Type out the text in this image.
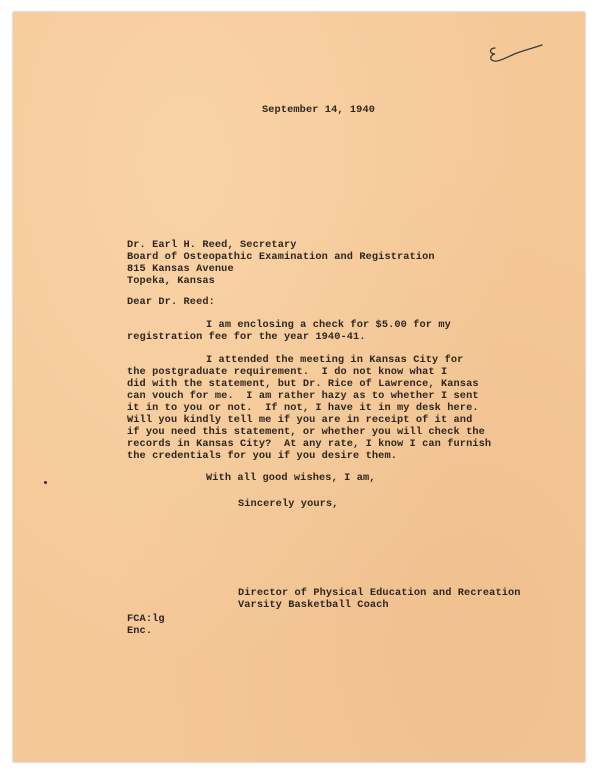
September 14, 1940
Dr. Earl H. Reed, Secretary
Board of Osteopathic Examination and Registration
815 Kansas Avenue
Topeka, Kansas
Dear Dr. Reed:
I am enclosing a check for $5.00 for my
registration fee for the year 1940-41.
I attended the meeting in Kansas City for
the postgraduate requirement.  I do not know what I
did with the statement, but Dr. Rice of Lawrence, Kansas
can vouch for me.  I am rather hazy as to whether I sent
it in to you or not.  If not, I have it in my desk here.
Will you kindly tell me if you are in receipt of it and
if you need this statement, or whether you will check the
records in Kansas City?  At any rate, I know I can furnish
the credentials for you if you desire them.
With all good wishes, I am,
Sincerely yours,
Director of Physical Education and Recreation
Varsity Basketball Coach
FCA:lg
Enc.
